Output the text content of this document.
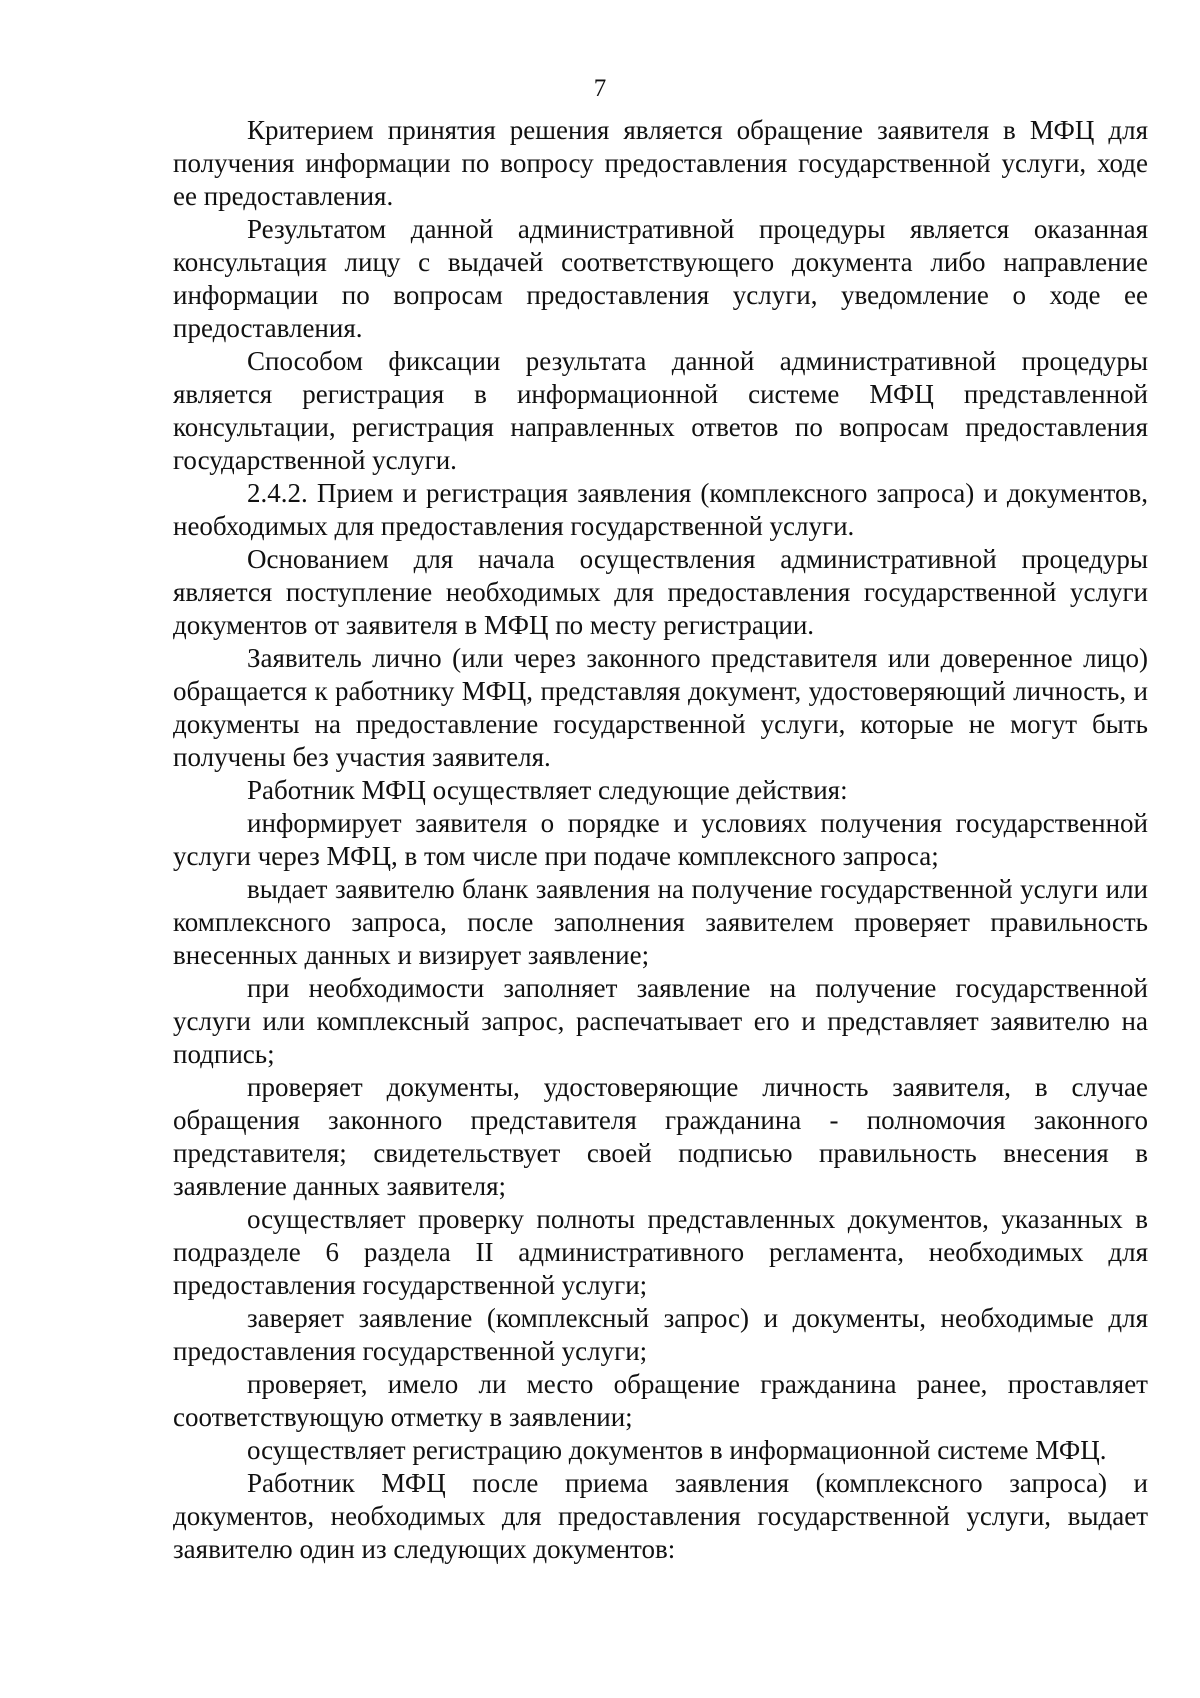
7

Критерием принятия решения является обращение заявителя в МФЦ для получения информации по вопросу предоставления государственной услуги, ходе ее предоставления.

Результатом данной административной процедуры является оказанная консультация лицу с выдачей соответствующего документа либо направление информации по вопросам предоставления услуги, уведомление о ходе ее предоставления.

Способом фиксации результата данной административной процедуры является регистрация в информационной системе МФЦ представленной консультации, регистрация направленных ответов по вопросам предоставления государственной услуги.

2.4.2. Прием и регистрация заявления (комплексного запроса) и документов, необходимых для предоставления государственной услуги.

Основанием для начала осуществления административной процедуры является поступление необходимых для предоставления государственной услуги документов от заявителя в МФЦ по месту регистрации.

Заявитель лично (или через законного представителя или доверенное лицо) обращается к работнику МФЦ, представляя документ, удостоверяющий личность, и документы на предоставление государственной услуги, которые не могут быть получены без участия заявителя.

Работник МФЦ осуществляет следующие действия:

информирует заявителя о порядке и условиях получения государственной услуги через МФЦ, в том числе при подаче комплексного запроса;

выдает заявителю бланк заявления на получение государственной услуги или комплексного запроса, после заполнения заявителем проверяет правильность внесенных данных и визирует заявление;

при необходимости заполняет заявление на получение государственной услуги или комплексный запрос, распечатывает его и представляет заявителю на подпись;

проверяет документы, удостоверяющие личность заявителя, в случае обращения законного представителя гражданина - полномочия законного представителя; свидетельствует своей подписью правильность внесения в заявление данных заявителя;

осуществляет проверку полноты представленных документов, указанных в подразделе 6 раздела II административного регламента, необходимых для предоставления государственной услуги;

заверяет заявление (комплексный запрос) и документы, необходимые для предоставления государственной услуги;

проверяет, имело ли место обращение гражданина ранее, проставляет соответствующую отметку в заявлении;

осуществляет регистрацию документов в информационной системе МФЦ.

Работник МФЦ после приема заявления (комплексного запроса) и документов, необходимых для предоставления государственной услуги, выдает заявителю один из следующих документов:
